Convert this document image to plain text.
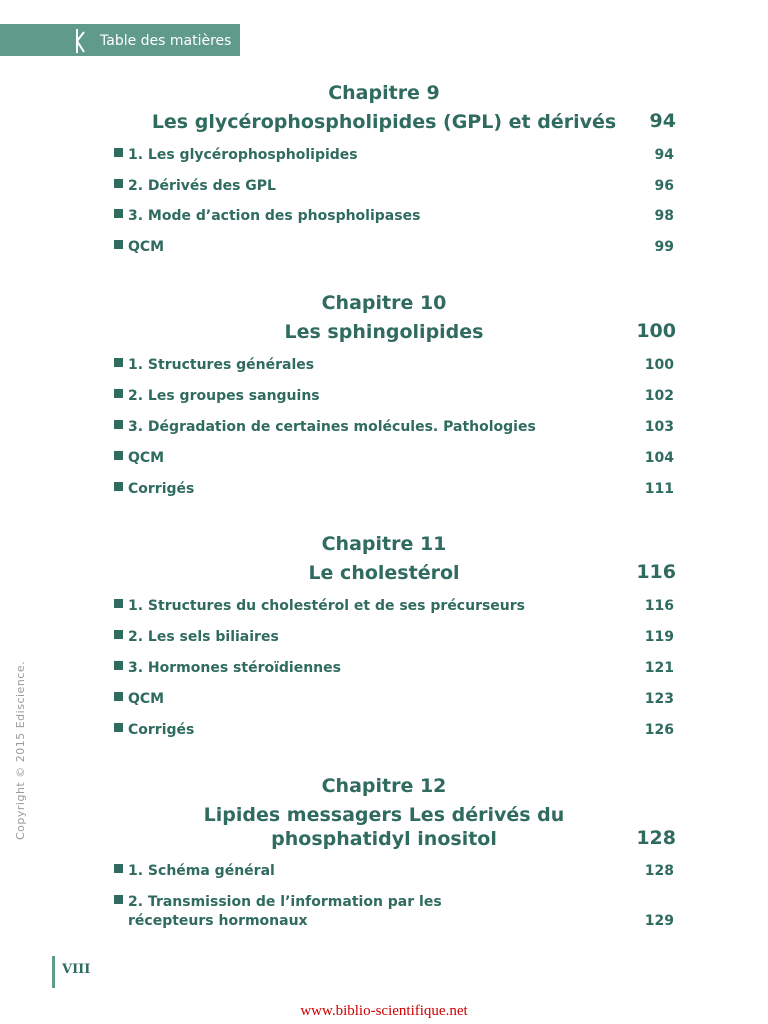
Table des matières
Chapitre 9
Les glycérophospholipides (GPL) et dérivés	94
1. Les glycérophospholipides	94
2. Dérivés des GPL	96
3. Mode d’action des phospholipases	98
QCM	99
Chapitre 10
Les sphingolipides	100
1. Structures générales	100
2. Les groupes sanguins	102
3. Dégradation de certaines molécules. Pathologies	103
QCM	104
Corrigés	111
Chapitre 11
Le cholestérol	116
1. Structures du cholestérol et de ses précurseurs	116
2. Les sels biliaires	119
3. Hormones stéroïdiennes	121
QCM	123
Corrigés	126
Chapitre 12
Lipides messagers Les dérivés du
phosphatidyl inositol	128
1. Schéma général	128
2. Transmission de l’information par les
récepteurs hormonaux	129
Copyright © 2015 Ediscience.
VIII
www.biblio-scientifique.net
